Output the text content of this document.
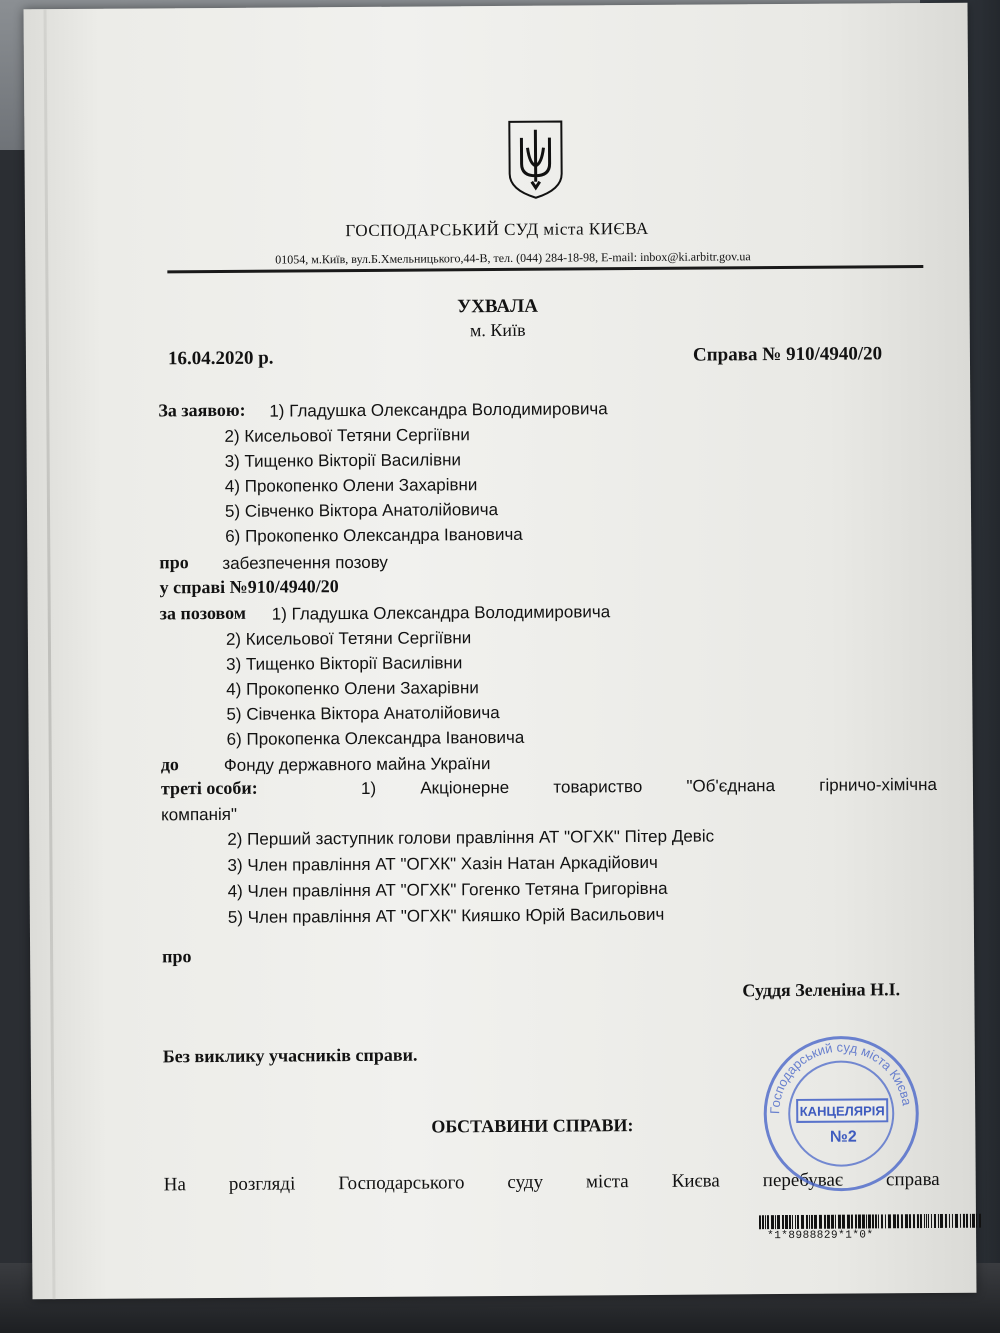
ГОСПОДАРСЬКИЙ СУД міста КИЄВА
01054, м.Київ, вул.Б.Хмельницького,44-В, тел. (044) 284-18-98, E-mail: inbox@ki.arbitr.gov.ua
УХВАЛА
м. Київ
16.04.2020 р.	Справа № 910/4940/20
За заявою: 1) Гладушка Олександра Володимировича
2) Кисельової Тетяни Сергіївни
3) Тищенко Вікторії Василівни
4) Прокопенко Олени Захарівни
5) Сівченко Віктора Анатолійовича
6) Прокопенко Олександра Івановича
про забезпечення позову
у справі №910/4940/20
за позовом 1) Гладушка Олександра Володимировича
2) Кисельової Тетяни Сергіївни
3) Тищенко Вікторії Василівни
4) Прокопенко Олени Захарівни
5) Сівченка Віктора Анатолійовича
6) Прокопенка Олександра Івановича
до	Фонду державного майна України
треті особи:	1) Акціонерне товариство "Об'єднана гірничо-хімічна
компанія"
2) Перший заступник голови правління АТ "ОГХК" Пітер Девіс
3) Член правління АТ "ОГХК" Хазін Натан Аркадійович
4) Член правління АТ "ОГХК" Гогенко Тетяна Григорівна
5) Член правління АТ "ОГХК" Кияшко Юрій Васильович
про
Суддя Зеленіна Н.І.
Без виклику учасників справи.
ОБСТАВИНИ СПРАВИ:
На розгляді Господарського суду міста Києва перебуває справа
Господарський суд міста Києва
КАНЦЕЛЯРІЯ
№2
*1*8988829*1*0*
